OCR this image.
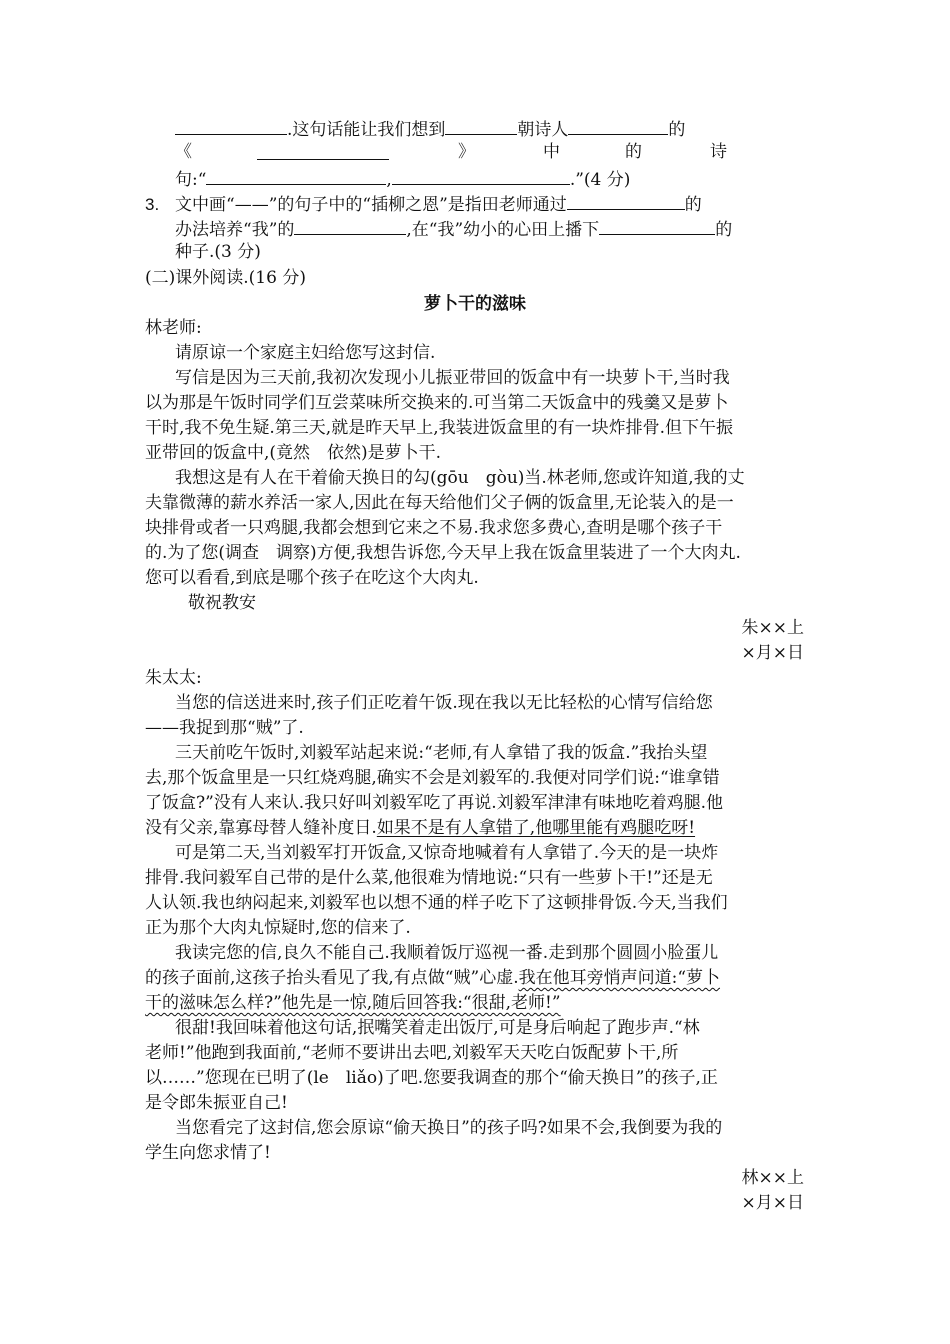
.这句话能让我们想到	朝诗人	的
《	》	中	的	诗
句:“	,	.”(4 分)
3. 文中画“——”的句子中的“插柳之恩”是指田老师通过	的
办法培养“我”的	,在“我”幼小的心田上播下	的
种子.(3 分)
(二)课外阅读.(16 分)
萝卜干的滋味
林老师:
请原谅一个家庭主妇给您写这封信.
写信是因为三天前,我初次发现小儿振亚带回的饭盒中有一块萝卜干,当时我
以为那是午饭时同学们互尝菜味所交换来的.可当第二天饭盒中的残羹又是萝卜
干时,我不免生疑.第三天,就是昨天早上,我装进饭盒里的有一块炸排骨.但下午振
亚带回的饭盒中,(竟然　依然)是萝卜干.
我想这是有人在干着偷天换日的勾(gōu　gòu)当.林老师,您或许知道,我的丈
夫靠微薄的薪水养活一家人,因此在每天给他们父子俩的饭盒里,无论装入的是一
块排骨或者一只鸡腿,我都会想到它来之不易.我求您多费心,查明是哪个孩子干
的.为了您(调查　调察)方便,我想告诉您,今天早上我在饭盒里装进了一个大肉丸.
您可以看看,到底是哪个孩子在吃这个大肉丸.
敬祝教安
朱××上
×月×日
朱太太:
当您的信送进来时,孩子们正吃着午饭.现在我以无比轻松的心情写信给您
——我捉到那“贼”了.
三天前吃午饭时,刘毅军站起来说:“老师,有人拿错了我的饭盒.”我抬头望
去,那个饭盒里是一只红烧鸡腿,确实不会是刘毅军的.我便对同学们说:“谁拿错
了饭盒?”没有人来认.我只好叫刘毅军吃了再说.刘毅军津津有味地吃着鸡腿.他
没有父亲,靠寡母替人缝补度日.如果不是有人拿错了,他哪里能有鸡腿吃呀!
可是第二天,当刘毅军打开饭盒,又惊奇地喊着有人拿错了.今天的是一块炸
排骨.我问毅军自己带的是什么菜,他很难为情地说:“只有一些萝卜干!”还是无
人认领.我也纳闷起来,刘毅军也以想不通的样子吃下了这顿排骨饭.今天,当我们
正为那个大肉丸惊疑时,您的信来了.
我读完您的信,良久不能自己.我顺着饭厅巡视一番.走到那个圆圆小脸蛋儿
的孩子面前,这孩子抬头看见了我,有点做“贼”心虚.我在他耳旁悄声问道:“萝卜
干的滋味怎么样?”他先是一惊,随后回答我:“很甜,老师!”
很甜!我回味着他这句话,抿嘴笑着走出饭厅,可是身后响起了跑步声.“林
老师!”他跑到我面前,“老师不要讲出去吧,刘毅军天天吃白饭配萝卜干,所
以……”您现在已明了(le　liǎo)了吧.您要我调查的那个“偷天换日”的孩子,正
是令郎朱振亚自己!
当您看完了这封信,您会原谅“偷天换日”的孩子吗?如果不会,我倒要为我的
学生向您求情了!
林××上
×月×日
